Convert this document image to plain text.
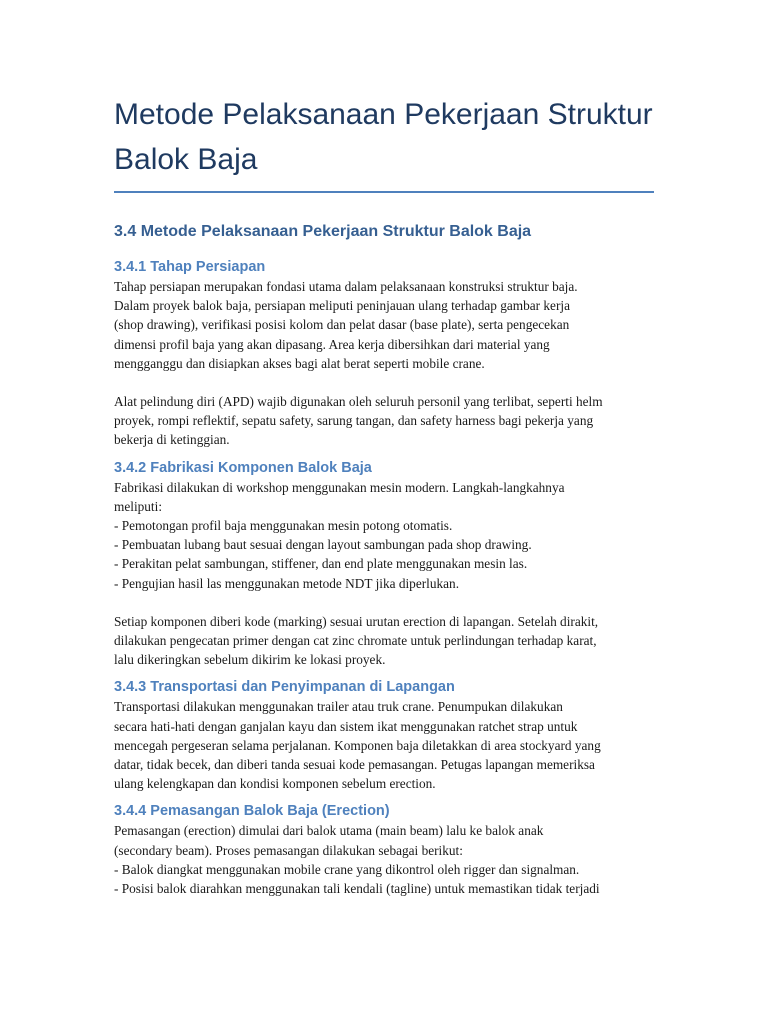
Metode Pelaksanaan Pekerjaan Struktur
Balok Baja
3.4 Metode Pelaksanaan Pekerjaan Struktur Balok Baja
3.4.1 Tahap Persiapan

Tahap persiapan merupakan fondasi utama dalam pelaksanaan konstruksi struktur baja.
Dalam proyek balok baja, persiapan meliputi peninjauan ulang terhadap gambar kerja
(shop drawing), verifikasi posisi kolom dan pelat dasar (base plate), serta pengecekan
dimensi profil baja yang akan dipasang. Area kerja dibersihkan dari material yang
mengganggu dan disiapkan akses bagi alat berat seperti mobile crane.

Alat pelindung diri (APD) wajib digunakan oleh seluruh personil yang terlibat, seperti helm
proyek, rompi reflektif, sepatu safety, sarung tangan, dan safety harness bagi pekerja yang
bekerja di ketinggian.

3.4.2 Fabrikasi Komponen Balok Baja

Fabrikasi dilakukan di workshop menggunakan mesin modern. Langkah-langkahnya
meliputi:
- Pemotongan profil baja menggunakan mesin potong otomatis.
- Pembuatan lubang baut sesuai dengan layout sambungan pada shop drawing.
- Perakitan pelat sambungan, stiffener, dan end plate menggunakan mesin las.
- Pengujian hasil las menggunakan metode NDT jika diperlukan.

Setiap komponen diberi kode (marking) sesuai urutan erection di lapangan. Setelah dirakit,
dilakukan pengecatan primer dengan cat zinc chromate untuk perlindungan terhadap karat,
lalu dikeringkan sebelum dikirim ke lokasi proyek.

3.4.3 Transportasi dan Penyimpanan di Lapangan

Transportasi dilakukan menggunakan trailer atau truk crane. Penumpukan dilakukan
secara hati-hati dengan ganjalan kayu dan sistem ikat menggunakan ratchet strap untuk
mencegah pergeseran selama perjalanan. Komponen baja diletakkan di area stockyard yang
datar, tidak becek, dan diberi tanda sesuai kode pemasangan. Petugas lapangan memeriksa
ulang kelengkapan dan kondisi komponen sebelum erection.

3.4.4 Pemasangan Balok Baja (Erection)

Pemasangan (erection) dimulai dari balok utama (main beam) lalu ke balok anak
(secondary beam). Proses pemasangan dilakukan sebagai berikut:
- Balok diangkat menggunakan mobile crane yang dikontrol oleh rigger dan signalman.
- Posisi balok diarahkan menggunakan tali kendali (tagline) untuk memastikan tidak terjadi
